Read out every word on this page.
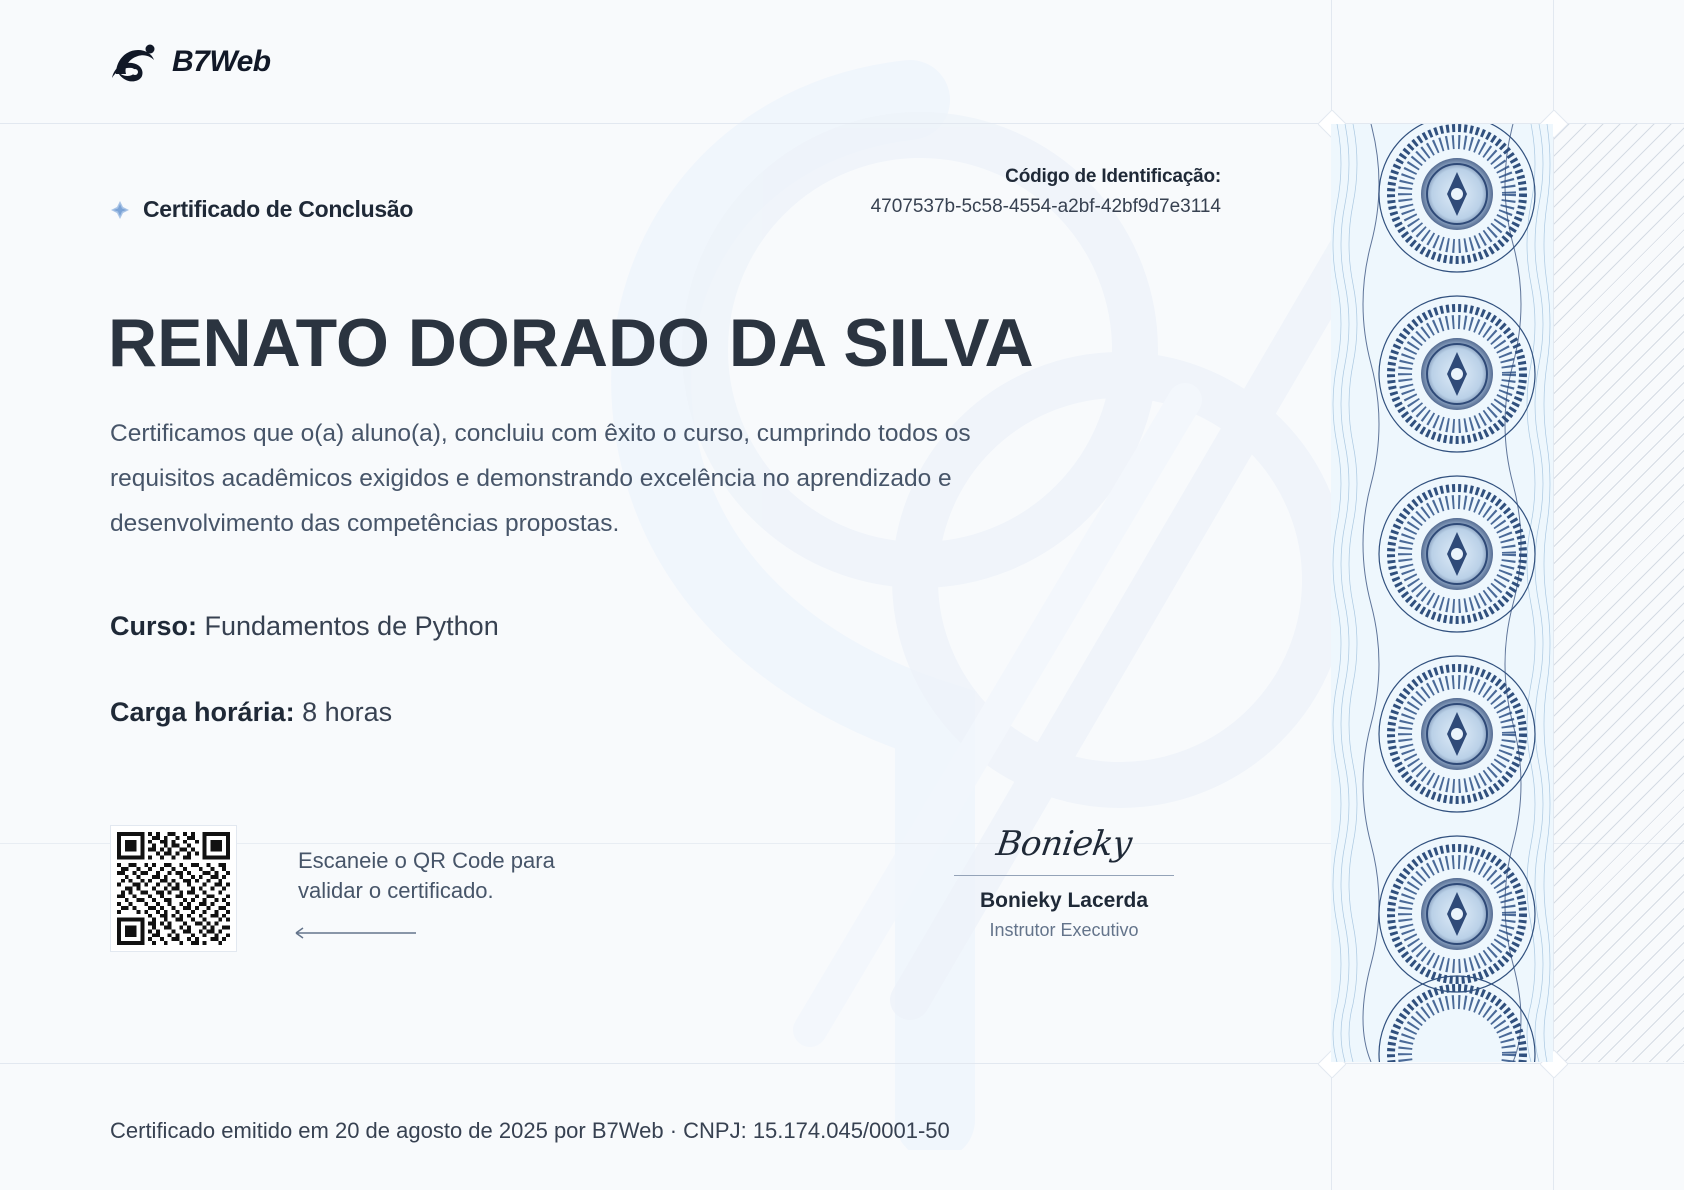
B7Web
Código de Identificação:
4707537b-5c58-4554-a2bf-42bf9d7e3114
Certificado de Conclusão
RENATO DORADO DA SILVA
Certificamos que o(a) aluno(a), concluiu com êxito o curso, cumprindo todos os requisitos acadêmicos exigidos e demonstrando excelência no aprendizado e desenvolvimento das competências propostas.
Curso: Fundamentos de Python
Carga horária: 8 horas
Escaneie o QR Code para
validar o certificado.
Bonieky
Bonieky Lacerda
Instrutor Executivo
Certificado emitido em 20 de agosto de 2025 por B7Web · CNPJ: 15.174.045/0001-50
